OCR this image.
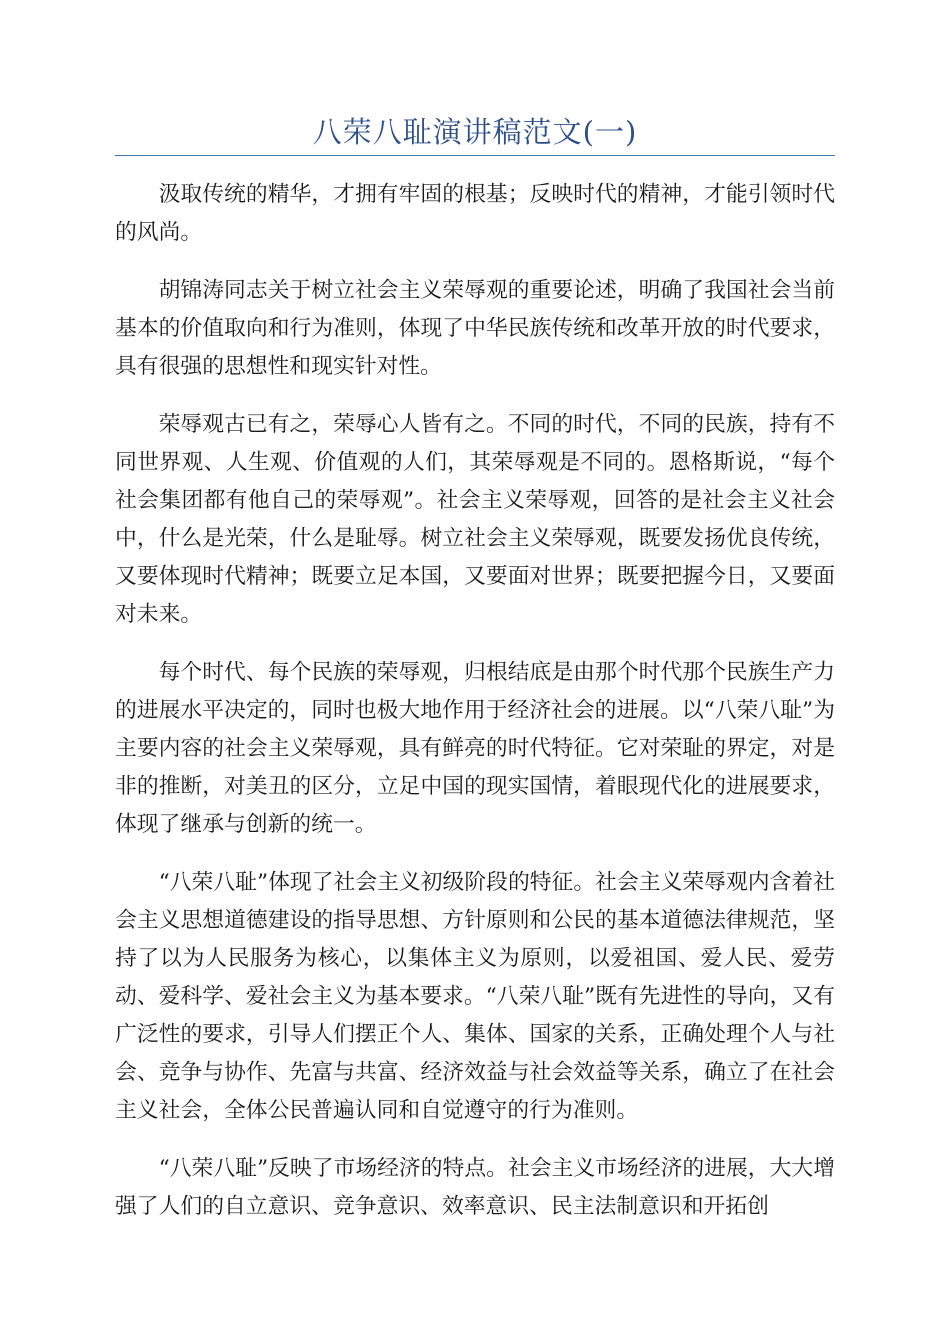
八荣八耻演讲稿范文(一)

汲取传统的精华，才拥有牢固的根基；反映时代的精神，才能引领时代的风尚。

胡锦涛同志关于树立社会主义荣辱观的重要论述，明确了我国社会当前基本的价值取向和行为准则，体现了中华民族传统和改革开放的时代要求，具有很强的思想性和现实针对性。

荣辱观古已有之，荣辱心人皆有之。不同的时代，不同的民族，持有不同世界观、人生观、价值观的人们，其荣辱观是不同的。恩格斯说，“每个社会集团都有他自己的荣辱观”。社会主义荣辱观，回答的是社会主义社会中，什么是光荣，什么是耻辱。树立社会主义荣辱观，既要发扬优良传统，又要体现时代精神；既要立足本国，又要面对世界；既要把握今日，又要面对未来。

每个时代、每个民族的荣辱观，归根结底是由那个时代那个民族生产力的进展水平决定的，同时也极大地作用于经济社会的进展。以“八荣八耻”为主要内容的社会主义荣辱观，具有鲜亮的时代特征。它对荣耻的界定，对是非的推断，对美丑的区分，立足中国的现实国情，着眼现代化的进展要求，体现了继承与创新的统一。

“八荣八耻”体现了社会主义初级阶段的特征。社会主义荣辱观内含着社会主义思想道德建设的指导思想、方针原则和公民的基本道德法律规范，坚持了以为人民服务为核心，以集体主义为原则，以爱祖国、爱人民、爱劳动、爱科学、爱社会主义为基本要求。“八荣八耻”既有先进性的导向，又有广泛性的要求，引导人们摆正个人、集体、国家的关系，正确处理个人与社会、竞争与协作、先富与共富、经济效益与社会效益等关系，确立了在社会主义社会，全体公民普遍认同和自觉遵守的行为准则。

“八荣八耻”反映了市场经济的特点。社会主义市场经济的进展，大大增强了人们的自立意识、竞争意识、效率意识、民主法制意识和开拓创
